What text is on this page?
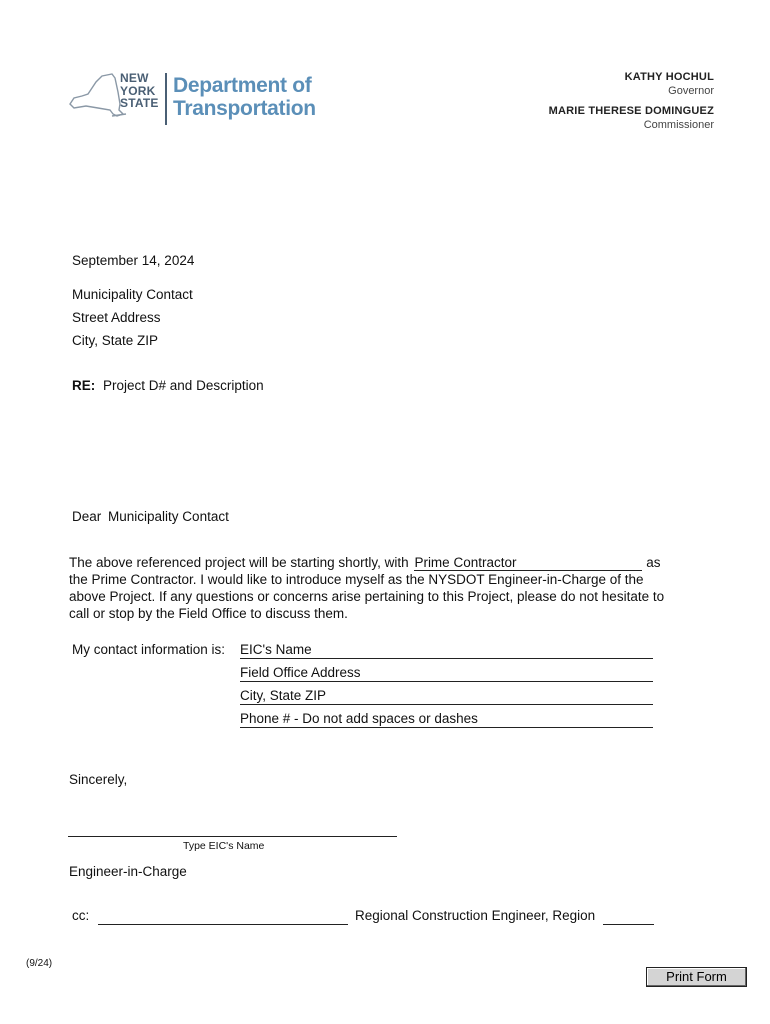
NEW
YORK
STATE
Department of
Transportation
KATHY HOCHUL
Governor
MARIE THERESE DOMINGUEZ
Commissioner
September 14, 2024
Municipality Contact
Street Address
City, State ZIP
RE: Project D# and Description
Dear Municipality Contact
The above referenced project will be starting shortly, with Prime Contractor	as the Prime Contractor. I would like to introduce myself as the NYSDOT Engineer-in-Charge of the above Project. If any questions or concerns arise pertaining to this Project, please do not hesitate to call or stop by the Field Office to discuss them.
My contact information is: EIC's Name
Field Office Address
City, State ZIP
Phone # - Do not add spaces or dashes
Sincerely,
Type EIC's Name
Engineer-in-Charge
cc:	Regional Construction Engineer, Region
(9/24)
Print Form
